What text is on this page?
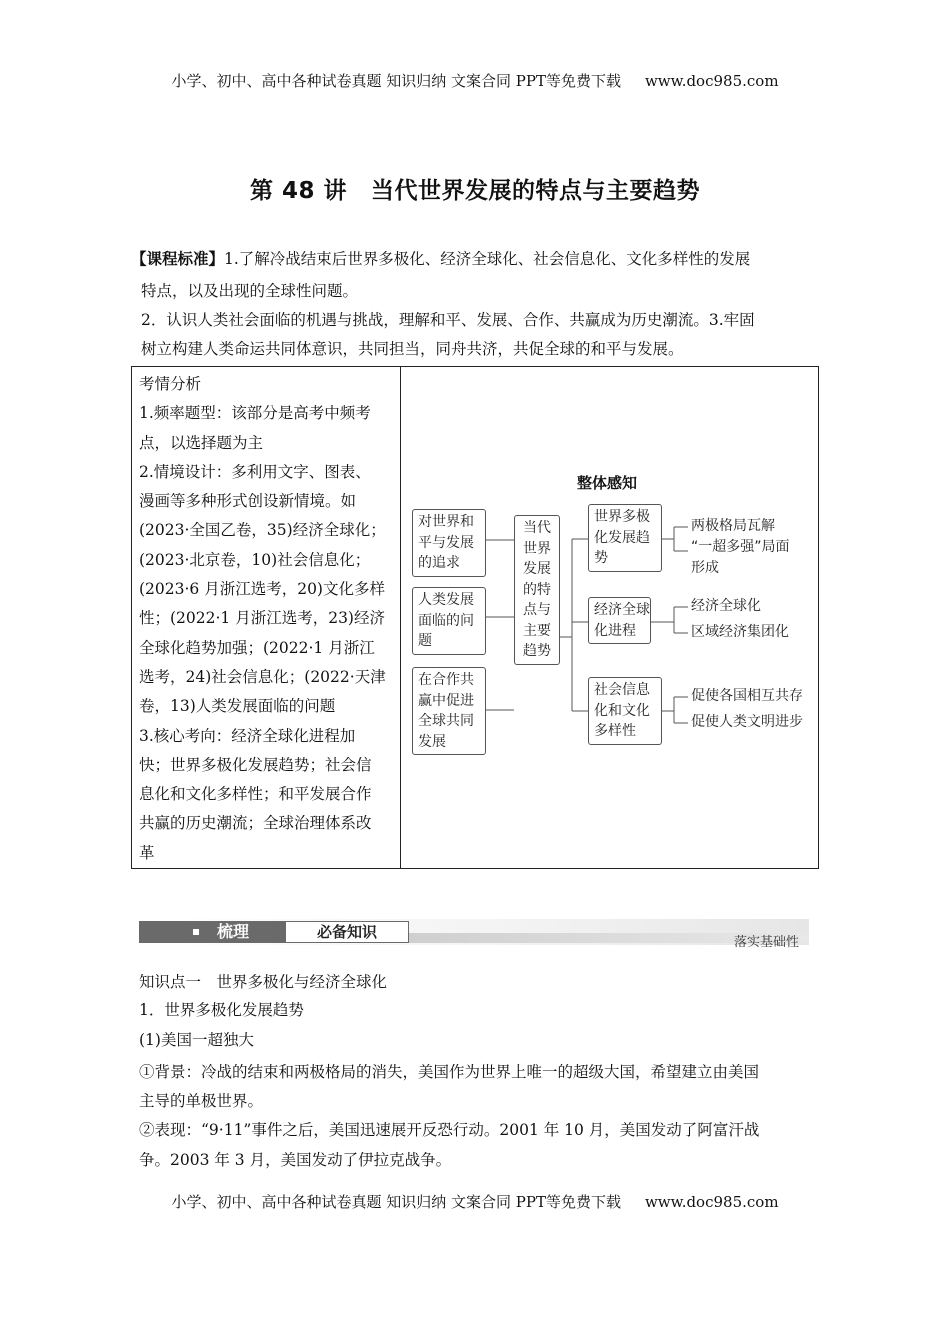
小学、初中、高中各种试卷真题 知识归纳 文案合同 PPT等免费下载 www.doc985.com
第 48 讲 当代世界发展的特点与主要趋势
【课程标准】1.了解冷战结束后世界多极化、经济全球化、社会信息化、文化多样性的发展
特点，以及出现的全球性问题。
2．认识人类社会面临的机遇与挑战，理解和平、发展、合作、共赢成为历史潮流。3.牢固
树立构建人类命运共同体意识，共同担当，同舟共济，共促全球的和平与发展。
考情分析
1.频率题型：该部分是高考中频考
点，以选择题为主
2.情境设计：多利用文字、图表、
漫画等多种形式创设新情境。如
(2023·全国乙卷，35)经济全球化；
(2023·北京卷，10)社会信息化；
(2023·6 月浙江选考，20)文化多样
性；(2022·1 月浙江选考，23)经济
全球化趋势加强；(2022·1 月浙江
选考，24)社会信息化；(2022·天津
卷，13)人类发展面临的问题
3.核心考向：经济全球化进程加
快；世界多极化发展趋势；社会信
息化和文化多样性；和平发展合作
共赢的历史潮流；全球治理体系改
革
整体感知
对世界和
平与发展
的追求
人类发展
面临的问
题
在合作共
赢中促进
全球共同
发展
当代
世界
发展
的特
点与
主要
趋势
世界多极
化发展趋
势
两极格局瓦解
“一超多强”局面
形成
经济全球
化进程
经济全球化
区域经济集团化
社会信息
化和文化
多样性
促使各国相互共存
促使人类文明进步
梳理	必备知识
落实基础性
知识点一　世界多极化与经济全球化
1．世界多极化发展趋势
(1)美国一超独大
①背景：冷战的结束和两极格局的消失，美国作为世界上唯一的超级大国，希望建立由美国
主导的单极世界。
②表现：“9·11”事件之后，美国迅速展开反恐行动。2001 年 10 月，美国发动了阿富汗战
争。2003 年 3 月，美国发动了伊拉克战争。
小学、初中、高中各种试卷真题 知识归纳 文案合同 PPT等免费下载 www.doc985.com
